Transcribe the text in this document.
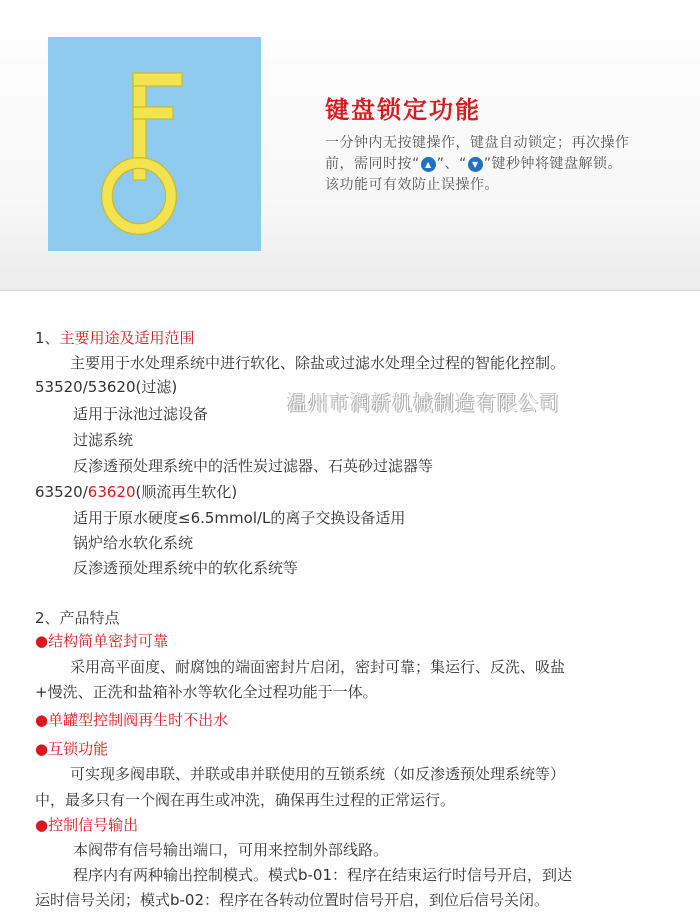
键盘锁定功能
一分钟内无按键操作，键盘自动锁定；再次操作
前，需同时按“ ▲ ”、“ ▼ ”键秒钟将键盘解锁。
该功能可有效防止误操作。
1、主要用途及适用范围
主要用于水处理系统中进行软化、除盐或过滤水处理全过程的智能化控制。
53520/53620(过滤)
适用于泳池过滤设备
过滤系统
反渗透预处理系统中的活性炭过滤器、石英砂过滤器等
63520/63620(顺流再生软化)
适用于原水硬度≤6.5mmol/L的离子交换设备适用
锅炉给水软化系统
反渗透预处理系统中的软化系统等
2、产品特点
●结构简单密封可靠
采用高平面度、耐腐蚀的端面密封片启闭，密封可靠；集运行、反洗、吸盐
+慢洗、正洗和盐箱补水等软化全过程功能于一体。
●单罐型控制阀再生时不出水
●互锁功能
可实现多阀串联、并联或串并联使用的互锁系统（如反渗透预处理系统等）
中，最多只有一个阀在再生或冲洗，确保再生过程的正常运行。
●控制信号输出
本阀带有信号输出端口，可用来控制外部线路。
程序内有两种输出控制模式。模式b-01：程序在结束运行时信号开启，到达
运时信号关闭；模式b-02：程序在各转动位置时信号开启，到位后信号关闭。
温州市润新机械制造有限公司
